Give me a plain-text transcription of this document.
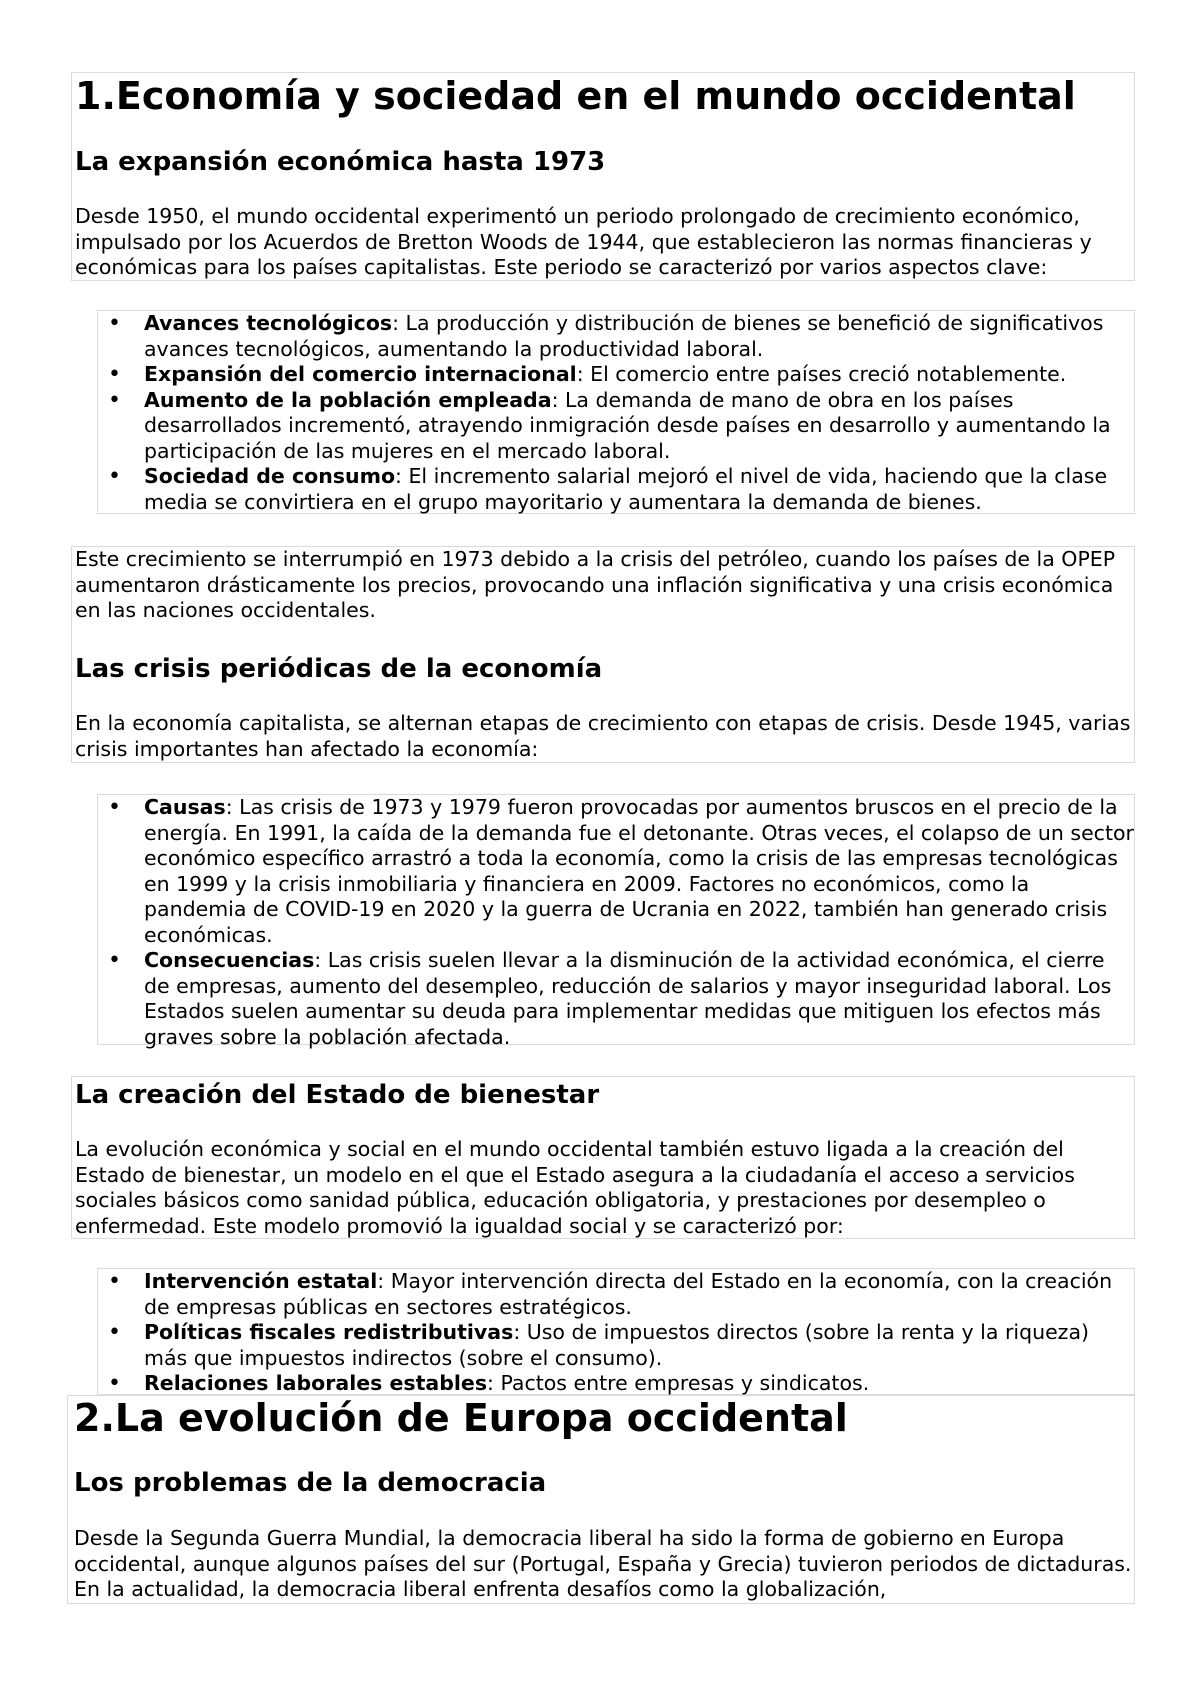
1.Economía y sociedad en el mundo occidental
La expansión económica hasta 1973

Desde 1950, el mundo occidental experimentó un periodo prolongado de crecimiento económico, impulsado por los Acuerdos de Bretton Woods de 1944, que establecieron las normas financieras y económicas para los países capitalistas. Este periodo se caracterizó por varios aspectos clave:

• Avances tecnológicos: La producción y distribución de bienes se benefició de significativos avances tecnológicos, aumentando la productividad laboral.
• Expansión del comercio internacional: El comercio entre países creció notablemente.
• Aumento de la población empleada: La demanda de mano de obra en los países desarrollados incrementó, atrayendo inmigración desde países en desarrollo y aumentando la participación de las mujeres en el mercado laboral.
• Sociedad de consumo: El incremento salarial mejoró el nivel de vida, haciendo que la clase media se convirtiera en el grupo mayoritario y aumentara la demanda de bienes.

Este crecimiento se interrumpió en 1973 debido a la crisis del petróleo, cuando los países de la OPEP aumentaron drásticamente los precios, provocando una inflación significativa y una crisis económica en las naciones occidentales.

Las crisis periódicas de la economía

En la economía capitalista, se alternan etapas de crecimiento con etapas de crisis. Desde 1945, varias crisis importantes han afectado la economía:

• Causas: Las crisis de 1973 y 1979 fueron provocadas por aumentos bruscos en el precio de la energía. En 1991, la caída de la demanda fue el detonante. Otras veces, el colapso de un sector económico específico arrastró a toda la economía, como la crisis de las empresas tecnológicas en 1999 y la crisis inmobiliaria y financiera en 2009. Factores no económicos, como la pandemia de COVID-19 en 2020 y la guerra de Ucrania en 2022, también han generado crisis económicas.
• Consecuencias: Las crisis suelen llevar a la disminución de la actividad económica, el cierre de empresas, aumento del desempleo, reducción de salarios y mayor inseguridad laboral. Los Estados suelen aumentar su deuda para implementar medidas que mitiguen los efectos más graves sobre la población afectada.
La creación del Estado de bienestar

La evolución económica y social en el mundo occidental también estuvo ligada a la creación del Estado de bienestar, un modelo en el que el Estado asegura a la ciudadanía el acceso a servicios sociales básicos como sanidad pública, educación obligatoria, y prestaciones por desempleo o enfermedad. Este modelo promovió la igualdad social y se caracterizó por:

• Intervención estatal: Mayor intervención directa del Estado en la economía, con la creación de empresas públicas en sectores estratégicos.
• Políticas fiscales redistributivas: Uso de impuestos directos (sobre la renta y la riqueza) más que impuestos indirectos (sobre el consumo).
• Relaciones laborales estables: Pactos entre empresas y sindicatos.
2.La evolución de Europa occidental
Los problemas de la democracia

Desde la Segunda Guerra Mundial, la democracia liberal ha sido la forma de gobierno en Europa occidental, aunque algunos países del sur (Portugal, España y Grecia) tuvieron periodos de dictaduras. En la actualidad, la democracia liberal enfrenta desafíos como la globalización,
